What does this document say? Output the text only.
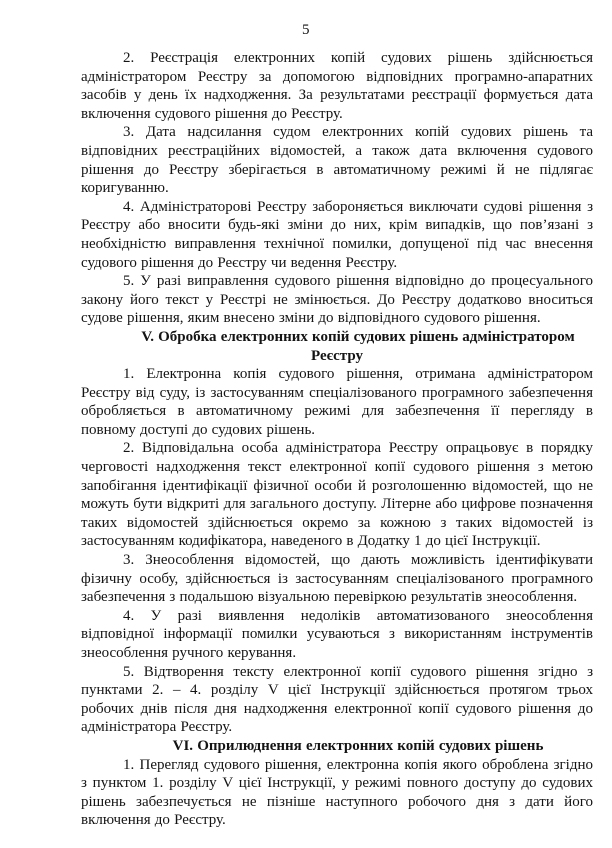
5

2. Реєстрація електронних копій судових рішень здійснюється адміністратором Реєстру за допомогою відповідних програмно-апаратних засобів у день їх надходження. За результатами реєстрації формується дата включення судового рішення до Реєстру.

3. Дата надсилання судом електронних копій судових рішень та відповідних реєстраційних відомостей, а також дата включення судового рішення до Реєстру зберігається в автоматичному режимі й не підлягає коригуванню.

4. Адміністраторові Реєстру забороняється виключати судові рішення з Реєстру або вносити будь-які зміни до них, крім випадків, що пов’язані з необхідністю виправлення технічної помилки, допущеної під час внесення судового рішення до Реєстру чи ведення Реєстру.

5. У разі виправлення судового рішення відповідно до процесуального закону його текст у Реєстрі не змінюється. До Реєстру додатково вноситься судове рішення, яким внесено зміни до відповідного судового рішення.

V. Обробка електронних копій судових рішень адміністратором Реєстру

1. Електронна копія судового рішення, отримана адміністратором Реєстру від суду, із застосуванням спеціалізованого програмного забезпечення обробляється в автоматичному режимі для забезпечення її перегляду в повному доступі до судових рішень.

2. Відповідальна особа адміністратора Реєстру опрацьовує в порядку черговості надходження текст електронної копії судового рішення з метою запобігання ідентифікації фізичної особи й розголошенню відомостей, що не можуть бути відкриті для загального доступу. Літерне або цифрове позначення таких відомостей здійснюється окремо за кожною з таких відомостей із застосуванням кодифікатора, наведеного в Додатку 1 до цієї Інструкції.

3. Знеособлення відомостей, що дають можливість ідентифікувати фізичну особу, здійснюється із застосуванням спеціалізованого програмного забезпечення з подальшою візуальною перевіркою результатів знеособлення.

4. У разі виявлення недоліків автоматизованого знеособлення відповідної інформації помилки усуваються з використанням інструментів знеособлення ручного керування.

5. Відтворення тексту електронної копії судового рішення згідно з пунктами 2. – 4. розділу V цієї Інструкції здійснюється протягом трьох робочих днів після дня надходження електронної копії судового рішення до адміністратора Реєстру.

VI. Оприлюднення електронних копій судових рішень

1. Перегляд судового рішення, електронна копія якого оброблена згідно з пунктом 1. розділу V цієї Інструкції, у режимі повного доступу до судових рішень забезпечується не пізніше наступного робочого дня з дати його включення до Реєстру.
